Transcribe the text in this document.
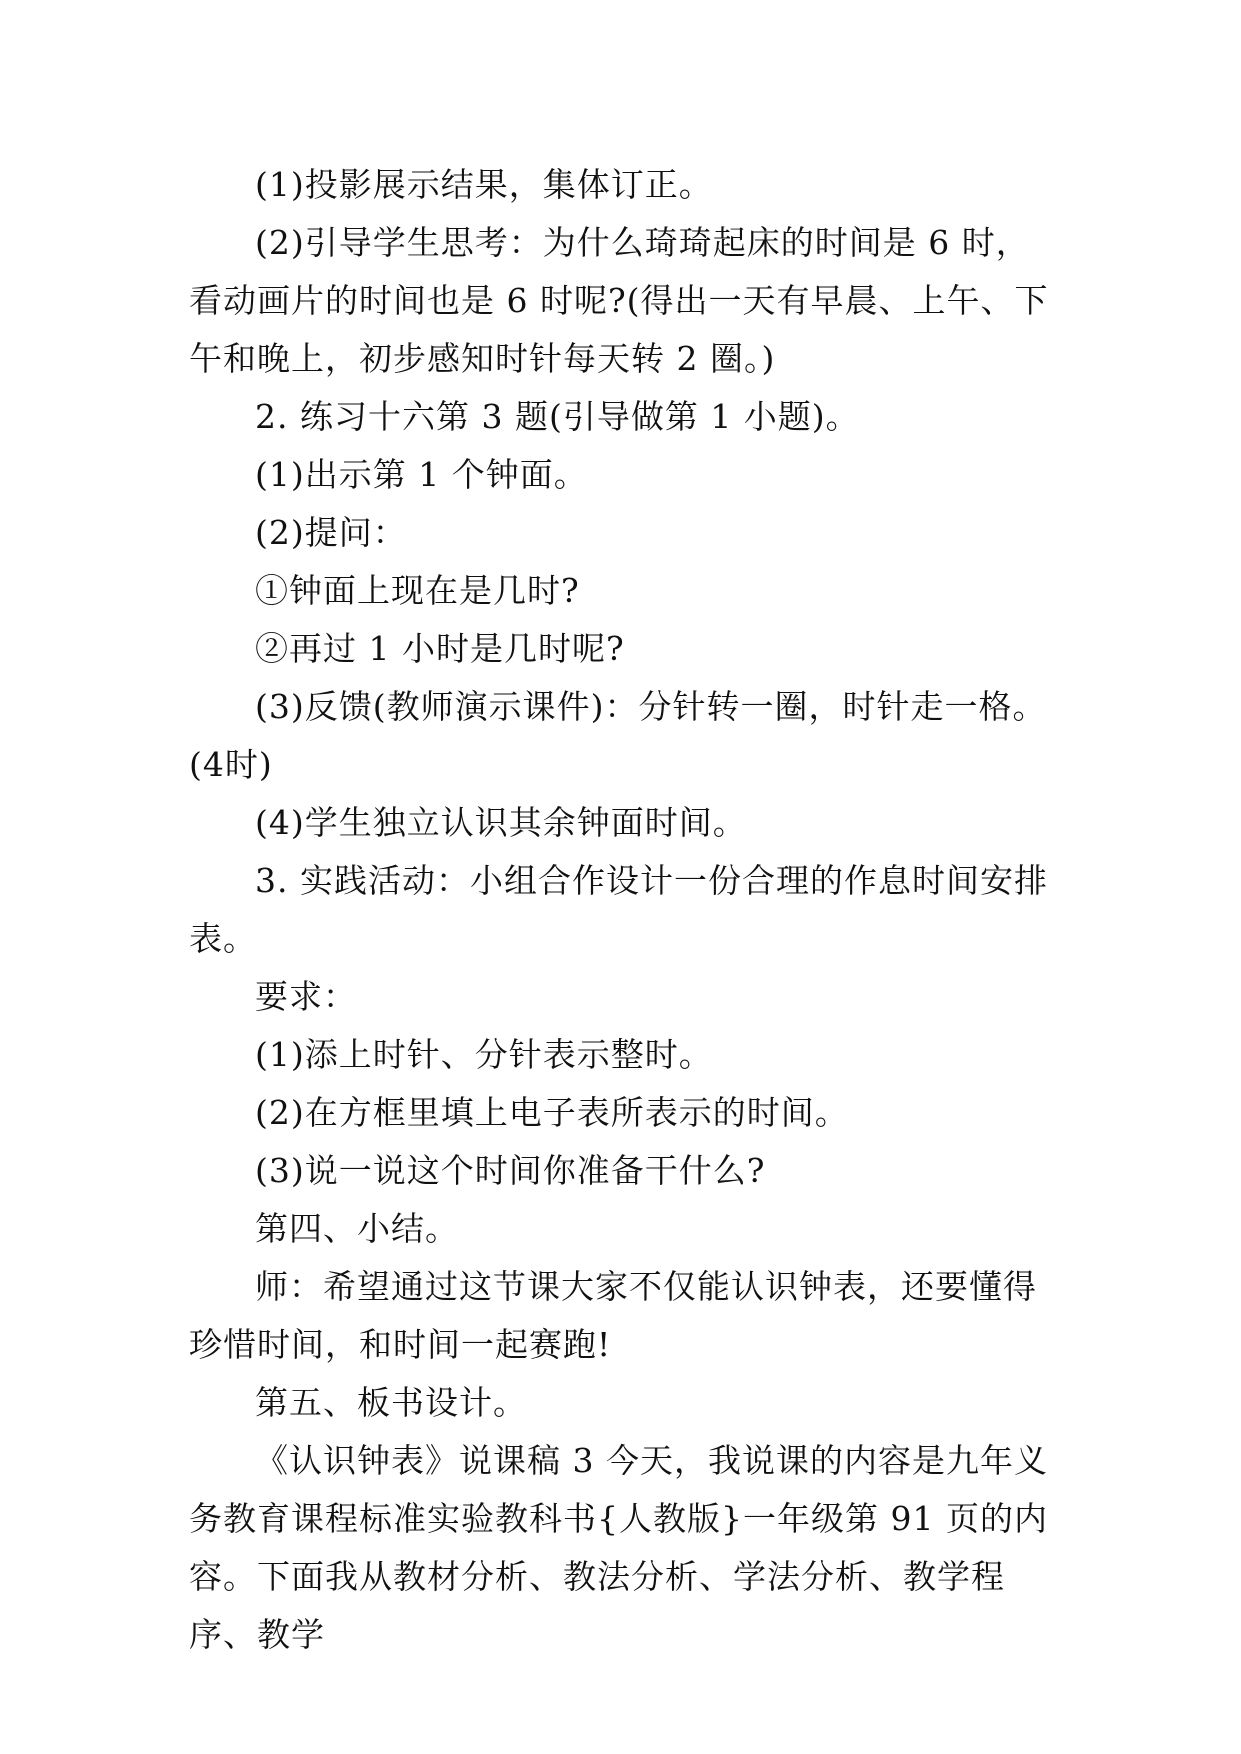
(1)投影展示结果，集体订正。

(2)引导学生思考：为什么琦琦起床的时间是 6 时，看动画片的时间也是 6 时呢?(得出一天有早晨、上午、下午和晚上，初步感知时针每天转 2 圈。)

2. 练习十六第 3 题(引导做第 1 小题)。

(1)出示第 1 个钟面。

(2)提问：

①钟面上现在是几时?

②再过 1 小时是几时呢?

(3)反馈(教师演示课件)：分针转一圈，时针走一格。(4时)

(4)学生独立认识其余钟面时间。

3. 实践活动：小组合作设计一份合理的作息时间安排表。

要求：

(1)添上时针、分针表示整时。

(2)在方框里填上电子表所表示的时间。

(3)说一说这个时间你准备干什么?

第四、小结。

师：希望通过这节课大家不仅能认识钟表，还要懂得珍惜时间，和时间一起赛跑!

第五、板书设计。

《认识钟表》说课稿 3 今天，我说课的内容是九年义务教育课程标准实验教科书{人教版}一年级第 91 页的内容。下面我从教材分析、教法分析、学法分析、教学程序、教学
